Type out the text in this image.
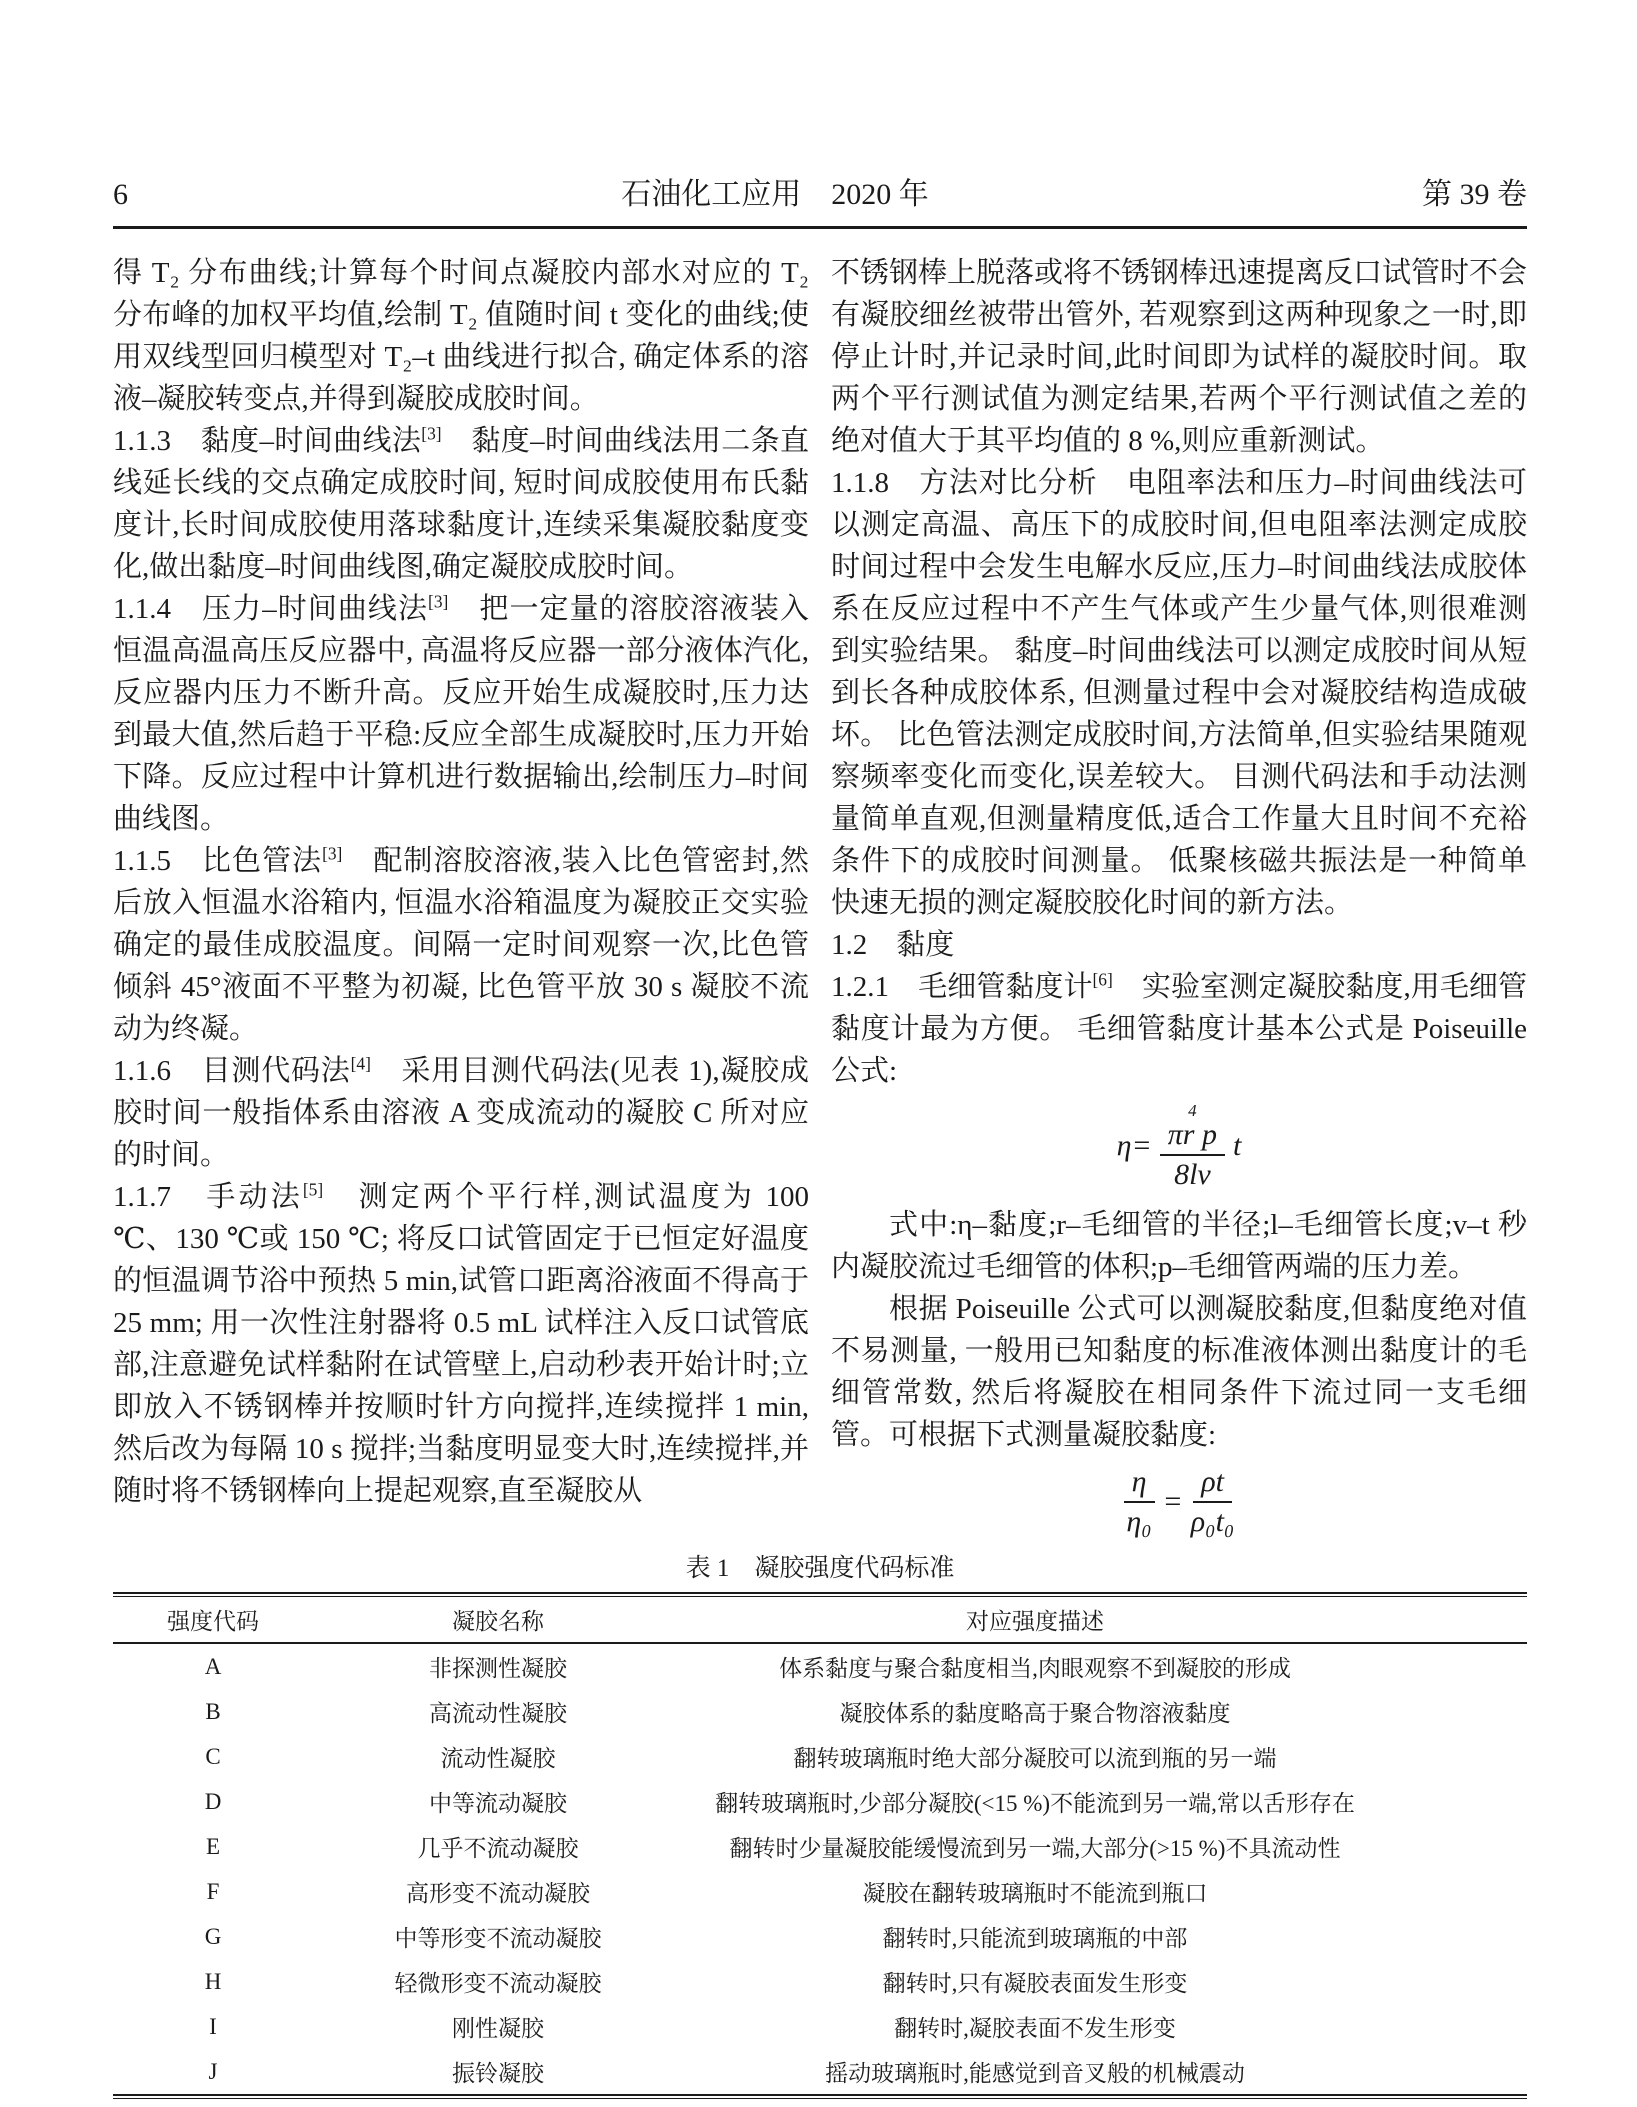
6	石油化工应用　2020 年	第 39 卷

得 T₂ 分布曲线;计算每个时间点凝胶内部水对应的 T₂ 分布峰的加权平均值,绘制 T₂ 值随时间 t 变化的曲线;使用双线型回归模型对 T₂–t 曲线进行拟合, 确定体系的溶液–凝胶转变点,并得到凝胶成胶时间。

1.1.3　黏度–时间曲线法[3]　黏度–时间曲线法用二条直线延长线的交点确定成胶时间, 短时间成胶使用布氏黏度计,长时间成胶使用落球黏度计,连续采集凝胶黏度变化,做出黏度–时间曲线图,确定凝胶成胶时间。

1.1.4　压力–时间曲线法[3]　把一定量的溶胶溶液装入恒温高温高压反应器中, 高温将反应器一部分液体汽化,反应器内压力不断升高。反应开始生成凝胶时,压力达到最大值,然后趋于平稳:反应全部生成凝胶时,压力开始下降。反应过程中计算机进行数据输出,绘制压力–时间曲线图。

1.1.5　比色管法[3]　配制溶胶溶液,装入比色管密封,然后放入恒温水浴箱内, 恒温水浴箱温度为凝胶正交实验确定的最佳成胶温度。间隔一定时间观察一次,比色管倾斜 45°液面不平整为初凝, 比色管平放 30 s 凝胶不流动为终凝。

1.1.6　目测代码法[4]　采用目测代码法(见表 1),凝胶成胶时间一般指体系由溶液 A 变成流动的凝胶 C 所对应的时间。

1.1.7　手动法[5]　测定两个平行样,测试温度为 100 ℃、130 ℃或 150 ℃; 将反口试管固定于已恒定好温度的恒温调节浴中预热 5 min,试管口距离浴液面不得高于 25 mm; 用一次性注射器将 0.5 mL 试样注入反口试管底部,注意避免试样黏附在试管壁上,启动秒表开始计时;立即放入不锈钢棒并按顺时针方向搅拌,连续搅拌 1 min,然后改为每隔 10 s 搅拌;当黏度明显变大时,连续搅拌,并随时将不锈钢棒向上提起观察,直至凝胶从

不锈钢棒上脱落或将不锈钢棒迅速提离反口试管时不会有凝胶细丝被带出管外, 若观察到这两种现象之一时,即停止计时,并记录时间,此时间即为试样的凝胶时间。取两个平行测试值为测定结果,若两个平行测试值之差的绝对值大于其平均值的 8 %,则应重新测试。

1.1.8　方法对比分析　电阻率法和压力–时间曲线法可以测定高温、高压下的成胶时间,但电阻率法测定成胶时间过程中会发生电解水反应,压力–时间曲线法成胶体系在反应过程中不产生气体或产生少量气体,则很难测到实验结果。 黏度–时间曲线法可以测定成胶时间从短到长各种成胶体系, 但测量过程中会对凝胶结构造成破坏。 比色管法测定成胶时间,方法简单,但实验结果随观察频率变化而变化,误差较大。 目测代码法和手动法测量简单直观,但测量精度低,适合工作量大且时间不充裕条件下的成胶时间测量。 低聚核磁共振法是一种简单快速无损的测定凝胶胶化时间的新方法。

1.2　黏度

1.2.1　毛细管黏度计[6]　实验室测定凝胶黏度,用毛细管黏度计最为方便。 毛细管黏度计基本公式是 Poiseuille 公式:

η= 4
πr p
8lv t

式中:η–黏度;r–毛细管的半径;l–毛细管长度;v–t 秒内凝胶流过毛细管的体积;p–毛细管两端的压力差。

根据 Poiseuille 公式可以测凝胶黏度,但黏度绝对值不易测量, 一般用已知黏度的标准液体测出黏度计的毛细管常数, 然后将凝胶在相同条件下流过同一支毛细管。可根据下式测量凝胶黏度:

$\frac{\eta}{\text{η₀}} = \frac{\rho t}{\text{ρ₀t₀}}$
表 1　凝胶强度代码标准
强度代码	凝胶名称	对应强度描述
A	非探测性凝胶	体系黏度与聚合黏度相当,肉眼观察不到凝胶的形成
B	高流动性凝胶	凝胶体系的黏度略高于聚合物溶液黏度
C	流动性凝胶	翻转玻璃瓶时绝大部分凝胶可以流到瓶的另一端
D	中等流动凝胶	翻转玻璃瓶时,少部分凝胶(<15 %)不能流到另一端,常以舌形存在
E	几乎不流动凝胶	翻转时少量凝胶能缓慢流到另一端,大部分(>15 %)不具流动性
F	高形变不流动凝胶	凝胶在翻转玻璃瓶时不能流到瓶口
G	中等形变不流动凝胶	翻转时,只能流到玻璃瓶的中部
H	轻微形变不流动凝胶	翻转时,只有凝胶表面发生形变
I	刚性凝胶	翻转时,凝胶表面不发生形变
J	振铃凝胶	摇动玻璃瓶时,能感觉到音叉般的机械震动
